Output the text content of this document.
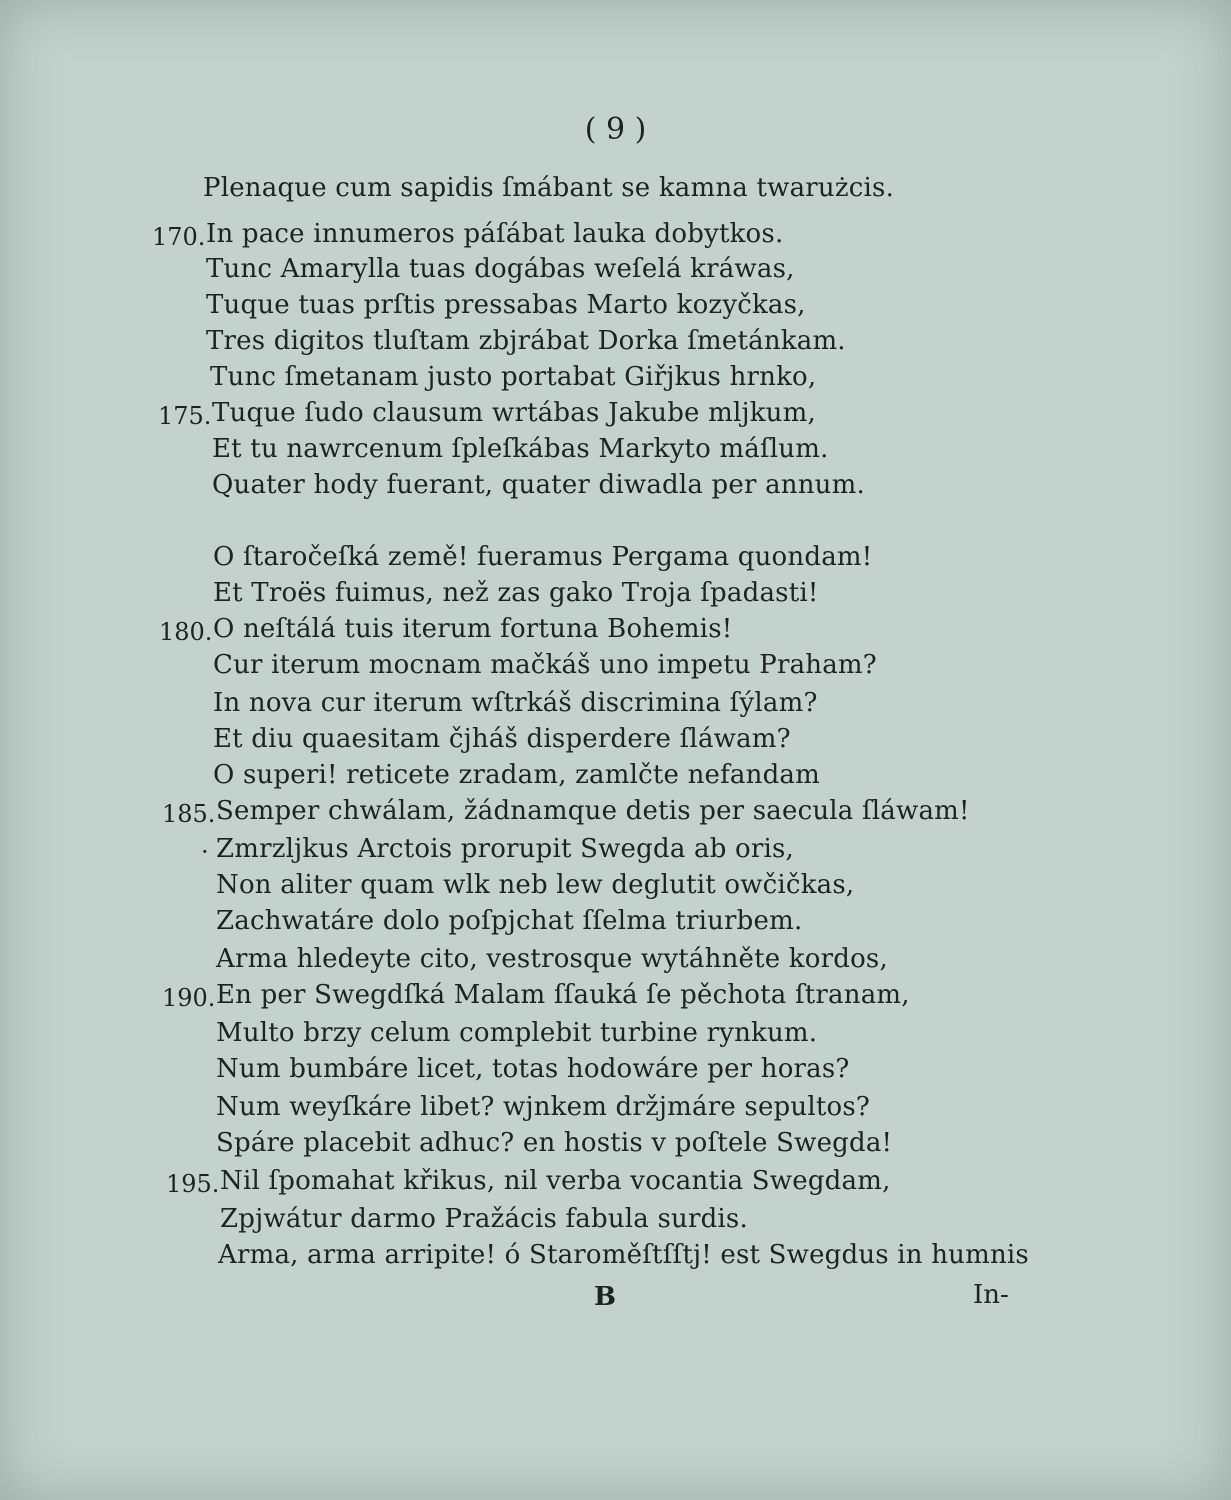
( 9 )
Plenaque cum sapidis ſmábant se kamna twarużcis.
In pace innumeros páſábat lauka dobytkos.
170.
Tunc Amarylla tuas dogábas weſelá kráwas,
Tuque tuas prſtis pressabas Marto kozyčkas,
Tres digitos tluſtam zbjrábat Dorka ſmetánkam.
Tunc ſmetanam justo portabat Giřjkus hrnko,
Tuque ſudo clausum wrtábas Jakube mljkum,
175.
Et tu nawrcenum ſpleſkábas Markyto máſlum.
Quater hody fuerant, quater diwadla per annum.
O ſtaročeſká země! fueramus Pergama quondam!
Et Troës fuimus, než zas gako Troja ſpadasti!
O neſtálá tuis iterum fortuna Bohemis!
180.
Cur iterum mocnam mačkáš uno impetu Praham?
In nova cur iterum wſtrkáš discrimina ſýlam?
Et diu quaesitam čjháš disperdere ſláwam?
O superi! reticete zradam, zamlčte nefandam
Semper chwálam, žádnamque detis per saecula ſláwam!
185.
Zmrzljkus Arctois prorupit Swegda ab oris,
·
Non aliter quam wlk neb lew deglutit owčičkas,
Zachwatáre dolo poſpjchat ſſelma triurbem.
Arma hledeyte cito, vestrosque wytáhněte kordos,
En per Swegdſká Malam ſſauká ſe pěchota ſtranam,
190.
Multo brzy celum complebit turbine rynkum.
Num bumbáre licet, totas hodowáre per horas?
Num weyſkáre libet? wjnkem držjmáre sepultos?
Spáre placebit adhuc? en hostis v poſtele Swegda!
Nil ſpomahat křikus, nil verba vocantia Swegdam,
195.
Zpjwátur darmo Pražácis fabula surdis.
Arma, arma arripite! ó Staroměſtſſtj! est Swegdus in humnis
B	In-
